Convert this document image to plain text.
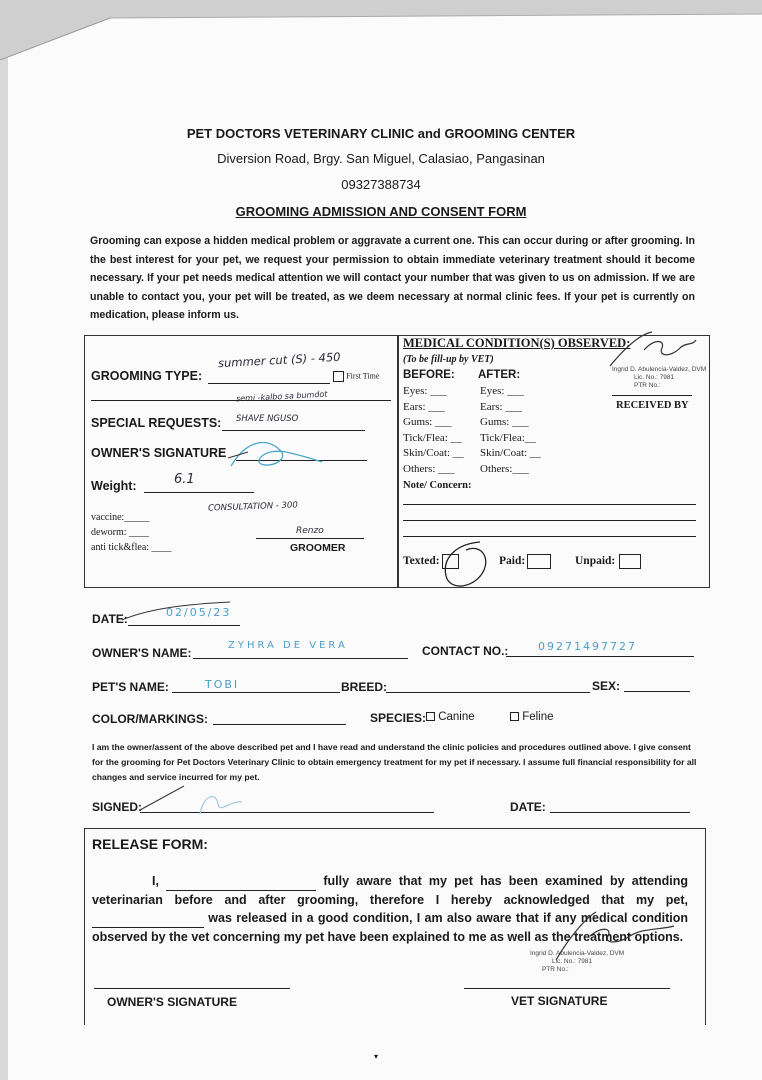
PET DOCTORS VETERINARY CLINIC and GROOMING CENTER
Diversion Road, Brgy. San Miguel, Calasiao, Pangasinan
09327388734
GROOMING ADMISSION AND CONSENT FORM
Grooming can expose a hidden medical problem or aggravate a current one. This can occur during or after grooming. In the best interest for your pet, we request your permission to obtain immediate veterinary treatment should it become necessary. If your pet needs medical attention we will contact your number that was given to us on admission. If we are unable to contact you, your pet will be treated, as we deem necessary at normal clinic fees. If your pet is currently on medication, please inform us.
GROOMING TYPE:
summer cut (S) - 450
First Time
semi -kalbo sa bumdot
SPECIAL REQUESTS: SHAVE NGUSO
OWNER'S SIGNATURE
Weight:	6.1
CONSULTATION - 300
vaccine:_____
deworm: ____
anti tick&flea: ____
Renzo
GROOMER
MEDICAL CONDITION(S) OBSERVED:
(To be fill-up by VET)
BEFORE: AFTER:
Eyes: ___	Eyes: ___
Ears: ___	Ears: ___
Gums: ___	Gums: ___
Tick/Flea: __ Tick/Flea:__
Skin/Coat: __ Skin/Coat: __
Others: ___ Others:___
Note/ Concern:
Ingrid D. Abulencia-Valdez, DVM
Lic. No.: 7981
PTR No.:
RECEIVED BY
Texted:	Paid:	Unpaid:
DATE:	02/05/23
OWNER'S NAME:
ZYHRA DE VERA	CONTACT NO.:	09271497727
PET'S NAME:	TOBI	BREED:	SEX:
COLOR/MARKINGS:	SPECIES:	Canine	Feline
I am the owner/assent of the above described pet and I have read and understand the clinic policies and procedures outlined above. I give consent for the grooming for Pet Doctors Veterinary Clinic to obtain emergency treatment for my pet if necessary. I assume full financial responsibility for all changes and service incurred for my pet.
SIGNED:	DATE:
RELEASE FORM:
I,	fully aware that my pet has been examined by attending veterinarian before and after grooming, therefore I hereby acknowledged that my pet,   was released in a good condition, I am also aware that if any medical condition observed by the vet concerning my pet have been explained to me as well as the treatment options.
Ingrid D. Abulencia-Valdez, DVM
Lic. No.: 7981
PTR No.:
OWNER'S SIGNATURE	VET SIGNATURE
▾
